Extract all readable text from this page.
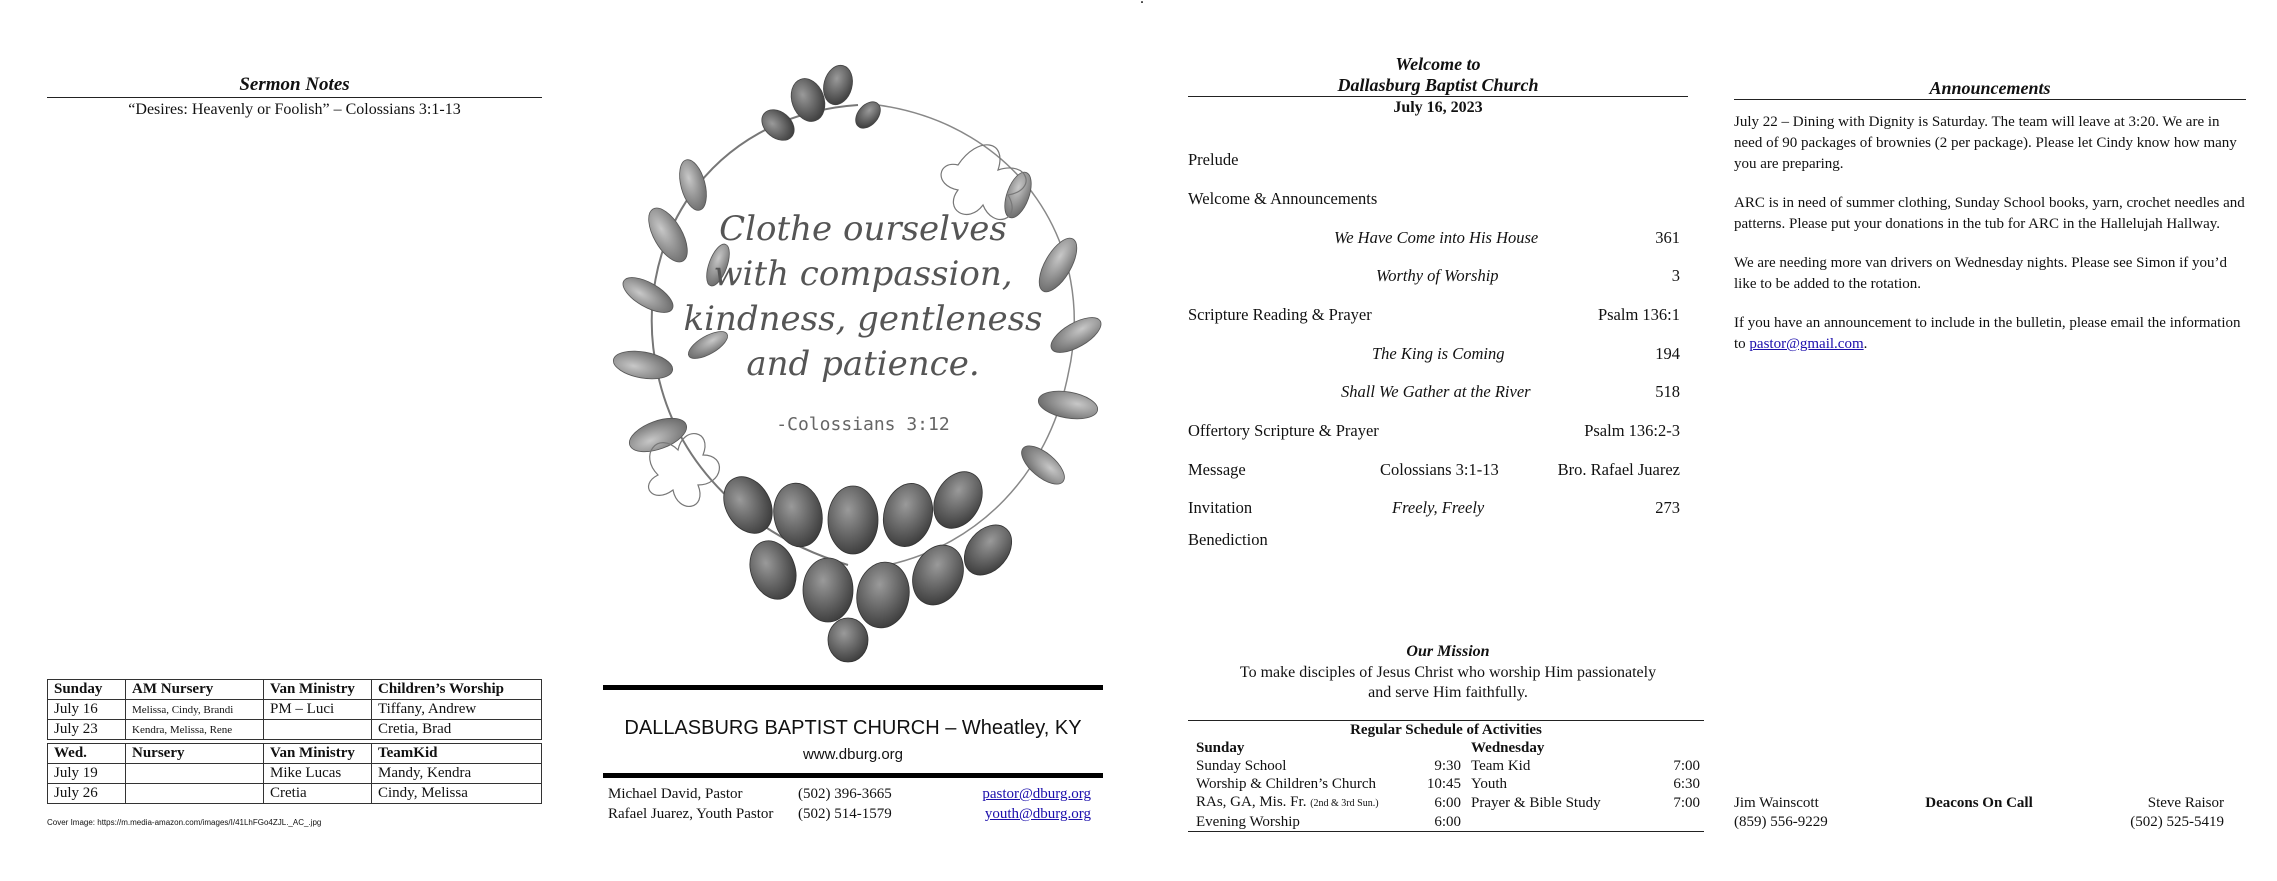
Sermon Notes
“Desires: Heavenly or Foolish” – Colossians 3:1-13
Sunday	AM Nursery	Van Ministry	Children’s Worship
July 16	Melissa, Cindy, Brandi	PM – Luci	Tiffany, Andrew
July 23	Kendra, Melissa, Rene		Cretia, Brad
Wed.	Nursery	Van Ministry	TeamKid
July 19		Mike Lucas	Mandy, Kendra
July 26		Cretia	Cindy, Melissa
Cover Image: https://m.media-amazon.com/images/I/41LhFGo4ZJL._AC_.jpg
Clothe ourselves
with compassion,
kindness, gentleness
and patience.
-Colossians 3:12
DALLASBURG BAPTIST CHURCH – Wheatley, KY
www.dburg.org
Michael David, Pastor	(502) 396-3665	pastor@dburg.org
Rafael Juarez, Youth Pastor (502) 514-1579	youth@dburg.org
Welcome to
Dallasburg Baptist Church
July 16, 2023
Prelude
Welcome & Announcements
We Have Come into His House	361
Worthy of Worship	3
Scripture Reading & Prayer	Psalm 136:1
The King is Coming	194
Shall We Gather at the River	518
Offertory Scripture & Prayer	Psalm 136:2-3
Message	Colossians 3:1-13	Bro. Rafael Juarez
Invitation	Freely, Freely	273
Benediction
Our Mission
To make disciples of Jesus Christ who worship Him passionately
and serve Him faithfully.
Regular Schedule of Activities
Sunday		Wednesday	
Sunday School	9:30	Team Kid	7:00
Worship & Children’s Church	10:45	Youth	6:30
RAs, GA, Mis. Fr. (2nd & 3rd Sun.)	6:00	Prayer & Bible Study	7:00
Evening Worship	6:00		
Announcements

July 22 – Dining with Dignity is Saturday. The team will leave at 3:20. We are in need of 90 packages of brownies (2 per package). Please let Cindy know how many you are preparing.

ARC is in need of summer clothing, Sunday School books, yarn, crochet needles and patterns. Please put your donations in the tub for ARC in the Hallelujah Hallway.

We are needing more van drivers on Wednesday nights. Please see Simon if you’d like to be added to the rotation.

If you have an announcement to include in the bulletin, please email the information to pastor@gmail.com.

Jim Wainscott
(859) 556-9229
Deacons On Call	Steve Raisor
(502) 525-5419
